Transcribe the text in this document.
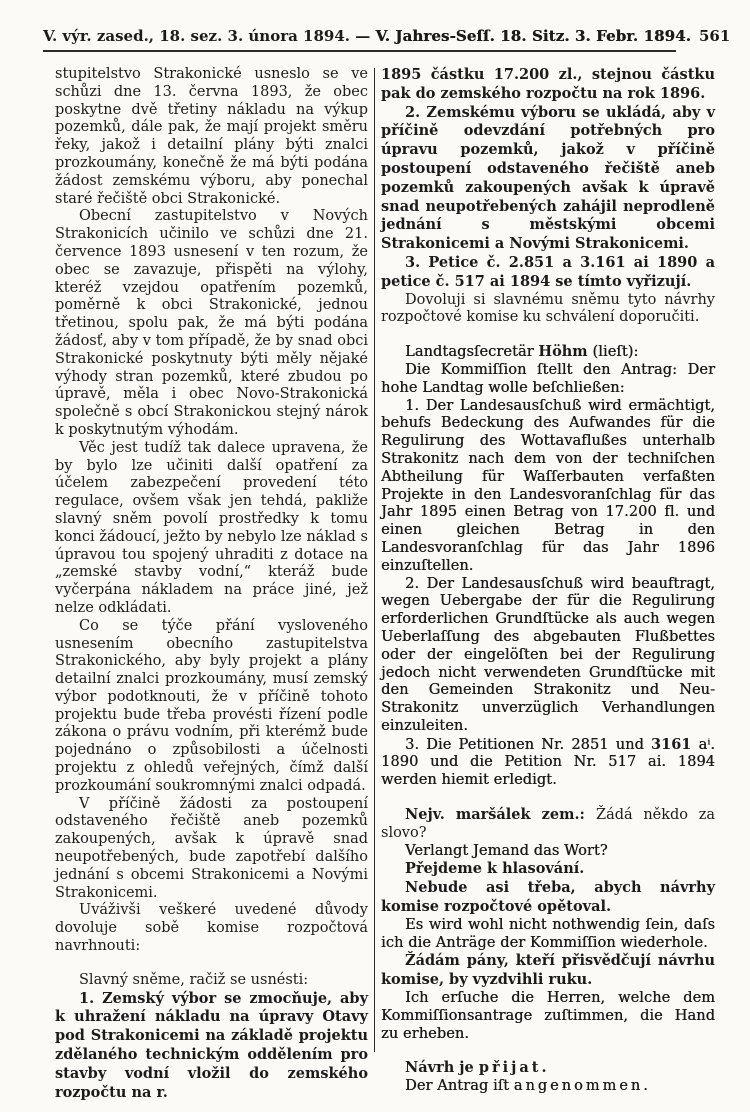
V. výr. zased., 18. sez. 3. února 1894. — V. Jahres-Seſſ. 18. Sitz. 3. Febr. 1894. 561

stupitelstvo Strakonické usneslo se ve schůzi dne 13. června 1893, že obec poskytne dvě třetiny nákladu na výkup pozemků, dále pak, že mají projekt směru řeky, jakož i detailní plány býti znalci prozkoumány, konečně že má býti podána žádost zemskému výboru, aby ponechal staré řečiště obci Strakonické.

Obecní zastupitelstvo v Nových Strakonicích učinilo ve schůzi dne 21. července 1893 usnesení v ten rozum, že obec se zavazuje, přispěti na výlohy, kteréž vzejdou opatřením pozemků, poměrně k obci Strakonické, jednou třetinou, spolu pak, že má býti podána žádosť, aby v tom případě, že by snad obci Strakonické poskytnuty býti měly nějaké výhody stran pozemků, které zbudou po úpravě, měla i obec Novo-Strakonická společně s obcí Strakonickou stejný nárok k poskytnutým výhodám.

Věc jest tudíž tak dalece upravena, že by bylo lze učiniti další opatření za účelem zabezpečení provedení této regulace, ovšem však jen tehdá, pakliže slavný sněm povolí prostředky k tomu konci žádoucí, ježto by nebylo lze náklad s úpravou tou spojený uhraditi z dotace na „zemské stavby vodní,“ kteráž bude vyčerpána nákladem na práce jiné, jež nelze odkládati.

Co se týče přání vysloveného usnesením obecního zastupitelstva Strakonického, aby byly projekt a plány detailní znalci prozkoumány, musí zemský výbor podotknouti, že v příčině tohoto projektu bude třeba provésti řízení podle zákona o právu vodním, při kterémž bude pojednáno o způsobilosti a účelnosti projektu z ohledů veřejných, čímž další prozkoumání soukromnými znalci odpadá.

V příčině žádosti za postoupení odstaveného řečiště aneb pozemků zakoupených, avšak k úpravě snad neupotřebených, bude zapotřebí dalšího jednání s obcemi Strakonicemi a Novými Strakonicemi.

Uváživši veškeré uvedené důvody dovoluje sobě komise rozpočtová navrhnouti:

Slavný sněme, račiž se usnésti:

1. Zemský výbor se zmocňuje, aby k uhražení nákladu na úpravy Otavy pod Strakonicemi na základě projektu zdělaného technickým oddělením pro stavby vodní vložil do zemského rozpočtu na r.

1895 částku 17.200 zl., stejnou částku pak do zemského rozpočtu na rok 1896.

2. Zemskému výboru se ukládá, aby v příčině odevzdání potřebných pro úpravu pozemků, jakož v příčině postoupení odstaveného řečiště aneb pozemků zakoupených avšak k úpravě snad neupotřebených zahájil neprodleně jednání s městskými obcemi Strakonicemi a Novými Strakonicemi.

3. Petice č. 2.851 a 3.161 ai 1890 a petice č. 517 ai 1894 se tímto vyřizují.

Dovoluji si slavnému sněmu tyto návrhy rozpočtové komise ku schválení doporučiti.

Landtagsſecretär Höhm (lieſt):

Die Kommiſſion ſtellt den Antrag: Der hohe Landtag wolle beſchließen:

1. Der Landesausſchuß wird ermächtigt, behufs Bedeckung des Aufwandes für die Regulirung des Wottavaflußes unterhalb Strakonitz nach dem von der techniſchen Abtheilung für Waſſerbauten verfaßten Projekte in den Landesvoranſchlag für das Jahr 1895 einen Betrag von 17.200 fl. und einen gleichen Betrag in den Landesvoranſchlag für das Jahr 1896 einzuſtellen.

2. Der Landesausſchuß wird beauftragt, wegen Uebergabe der für die Regulirung erforderlichen Grundſtücke als auch wegen Ueberlaſſung des abgebauten Flußbettes oder der eingelöſten bei der Regulirung jedoch nicht verwendeten Grundſtücke mit den Gemeinden Strakonitz und Neu-Strakonitz unverzüglich Verhandlungen einzuleiten.

3. Die Petitionen Nr. 2851 und 3161 aⁱ. 1890 und die Petition Nr. 517 ai. 1894 werden hiemit erledigt.

Nejv. maršálek zem.: Žádá někdo za slovo?

Verlangt Jemand das Wort?

Přejdeme k hlasování.

Nebude asi třeba, abych návrhy komise rozpočtové opětoval.

Es wird wohl nicht nothwendig ſein, daſs ich die Anträge der Kommiſſion wiederhole.

Žádám pány, kteří přisvědčují návrhu komise, by vyzdvihli ruku.

Ich erſuche die Herren, welche dem Kommiſſionsantrage zuſtimmen, die Hand zu erheben.

Návrh je přijat.

Der Antrag iſt angenommen.
